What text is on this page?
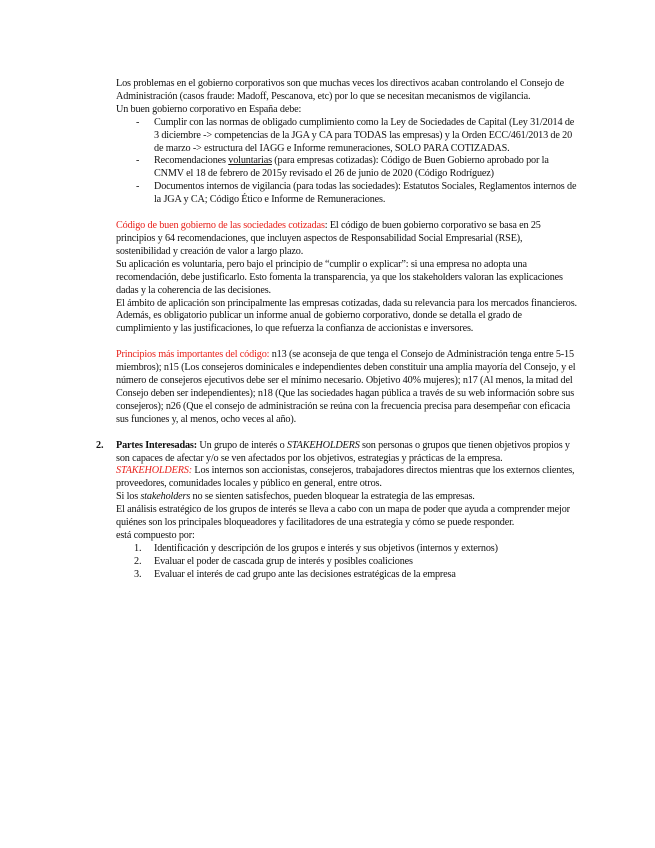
Los problemas en el gobierno corporativos son que muchas veces los directivos acaban controlando el Consejo de Administración (casos fraude: Madoff, Pescanova, etc) por lo que se necesitan mecanismos de vigilancia.

Un buen gobierno corporativo en España debe:

- Cumplir con las normas de obligado cumplimiento como la Ley de Sociedades de Capital (Ley 31/2014 de 3 diciembre -> competencias de la JGA y CA para TODAS las empresas) y la Orden ECC/461/2013 de 20 de marzo -> estructura del IAGG e Informe remuneraciones, SOLO PARA COTIZADAS.
- Recomendaciones voluntarias (para empresas cotizadas): Código de Buen Gobierno aprobado por la CNMV el 18 de febrero de 2015y revisado el 26 de junio de 2020 (Código Rodríguez)
- Documentos internos de vigilancia (para todas las sociedades): Estatutos Sociales, Reglamentos internos de la JGA y CA; Código Ético e Informe de Remuneraciones.

Código de buen gobierno de las sociedades cotizadas: El código de buen gobierno corporativo se basa en 25 principios y 64 recomendaciones, que incluyen aspectos de Responsabilidad Social Empresarial (RSE), sostenibilidad y creación de valor a largo plazo.

Su aplicación es voluntaria, pero bajo el principio de “cumplir o explicar”: si una empresa no adopta una recomendación, debe justificarlo. Esto fomenta la transparencia, ya que los stakeholders valoran las explicaciones dadas y la coherencia de las decisiones.

El ámbito de aplicación son principalmente las empresas cotizadas, dada su relevancia para los mercados financieros.

Además, es obligatorio publicar un informe anual de gobierno corporativo, donde se detalla el grado de cumplimiento y las justificaciones, lo que refuerza la confianza de accionistas e inversores.

Principios más importantes del código: n13 (se aconseja de que tenga el Consejo de Administración tenga entre 5-15 miembros); n15 (Los consejeros dominicales e independientes deben constituir una amplia mayoría del Consejo, y el número de consejeros ejecutivos debe ser el mínimo necesario. Objetivo 40% mujeres); n17 (Al menos, la mitad del Consejo deben ser independientes); n18 (Que las sociedades hagan pública a través de su web información sobre sus consejeros); n26 (Que el consejo de administración se reúna con la frecuencia precisa para desempeñar con eficacia sus funciones y, al menos, ocho veces al año).

2. Partes Interesadas: Un grupo de interés o STAKEHOLDERS son personas o grupos que tienen objetivos propios y son capaces de afectar y/o se ven afectados por los objetivos, estrategias y prácticas de la empresa.

STAKEHOLDERS: Los internos son accionistas, consejeros, trabajadores directos mientras que los externos clientes, proveedores, comunidades locales y público en general, entre otros.

Si los stakeholders no se sienten satisfechos, pueden bloquear la estrategia de las empresas.

El análisis estratégico de los grupos de interés se lleva a cabo con un mapa de poder que ayuda a comprender mejor quiénes son los principales bloqueadores y facilitadores de una estrategia y cómo se puede responder.

está compuesto por:

1. Identificación y descripción de los grupos e interés y sus objetivos (internos y externos)
2. Evaluar el poder de cascada grup de interés y posibles coaliciones
3. Evaluar el interés de cad grupo ante las decisiones estratégicas de la empresa
